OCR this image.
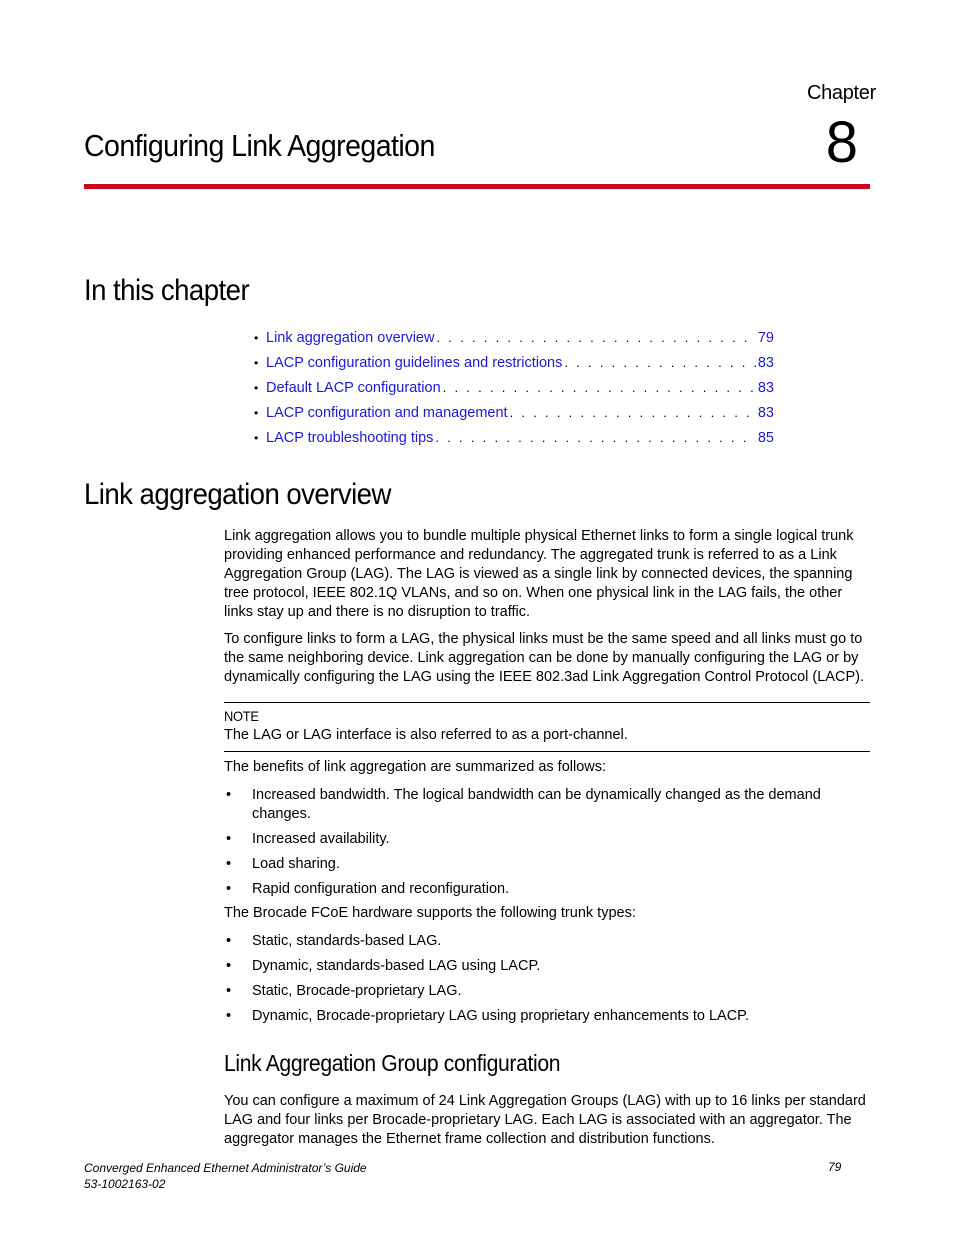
Chapter
8
Configuring Link Aggregation
In this chapter
• Link aggregation overview . . .	79
• LACP configuration guidelines and restrictions . . .	83
• Default LACP configuration . . .	83
• LACP configuration and management . . .	83
• LACP troubleshooting tips . . .	85
Link aggregation overview

Link aggregation allows you to bundle multiple physical Ethernet links to form a single logical trunk providing enhanced performance and redundancy. The aggregated trunk is referred to as a Link Aggregation Group (LAG). The LAG is viewed as a single link by connected devices, the spanning tree protocol, IEEE 802.1Q VLANs, and so on. When one physical link in the LAG fails, the other links stay up and there is no disruption to traffic.

To configure links to form a LAG, the physical links must be the same speed and all links must go to the same neighboring device. Link aggregation can be done by manually configuring the LAG or by dynamically configuring the LAG using the IEEE 802.3ad Link Aggregation Control Protocol (LACP).

NOTE
The LAG or LAG interface is also referred to as a port-channel.

The benefits of link aggregation are summarized as follows:

• Increased bandwidth. The logical bandwidth can be dynamically changed as the demand changes.
• Increased availability.
• Load sharing.
• Rapid configuration and reconfiguration.

The Brocade FCoE hardware supports the following trunk types:

• Static, standards-based LAG.
• Dynamic, standards-based LAG using LACP.
• Static, Brocade-proprietary LAG.
• Dynamic, Brocade-proprietary LAG using proprietary enhancements to LACP.
Link Aggregation Group configuration

You can configure a maximum of 24 Link Aggregation Groups (LAG) with up to 16 links per standard LAG and four links per Brocade-proprietary LAG. Each LAG is associated with an aggregator. The aggregator manages the Ethernet frame collection and distribution functions.

Converged Enhanced Ethernet Administrator’s Guide
53-1002163-02
79
